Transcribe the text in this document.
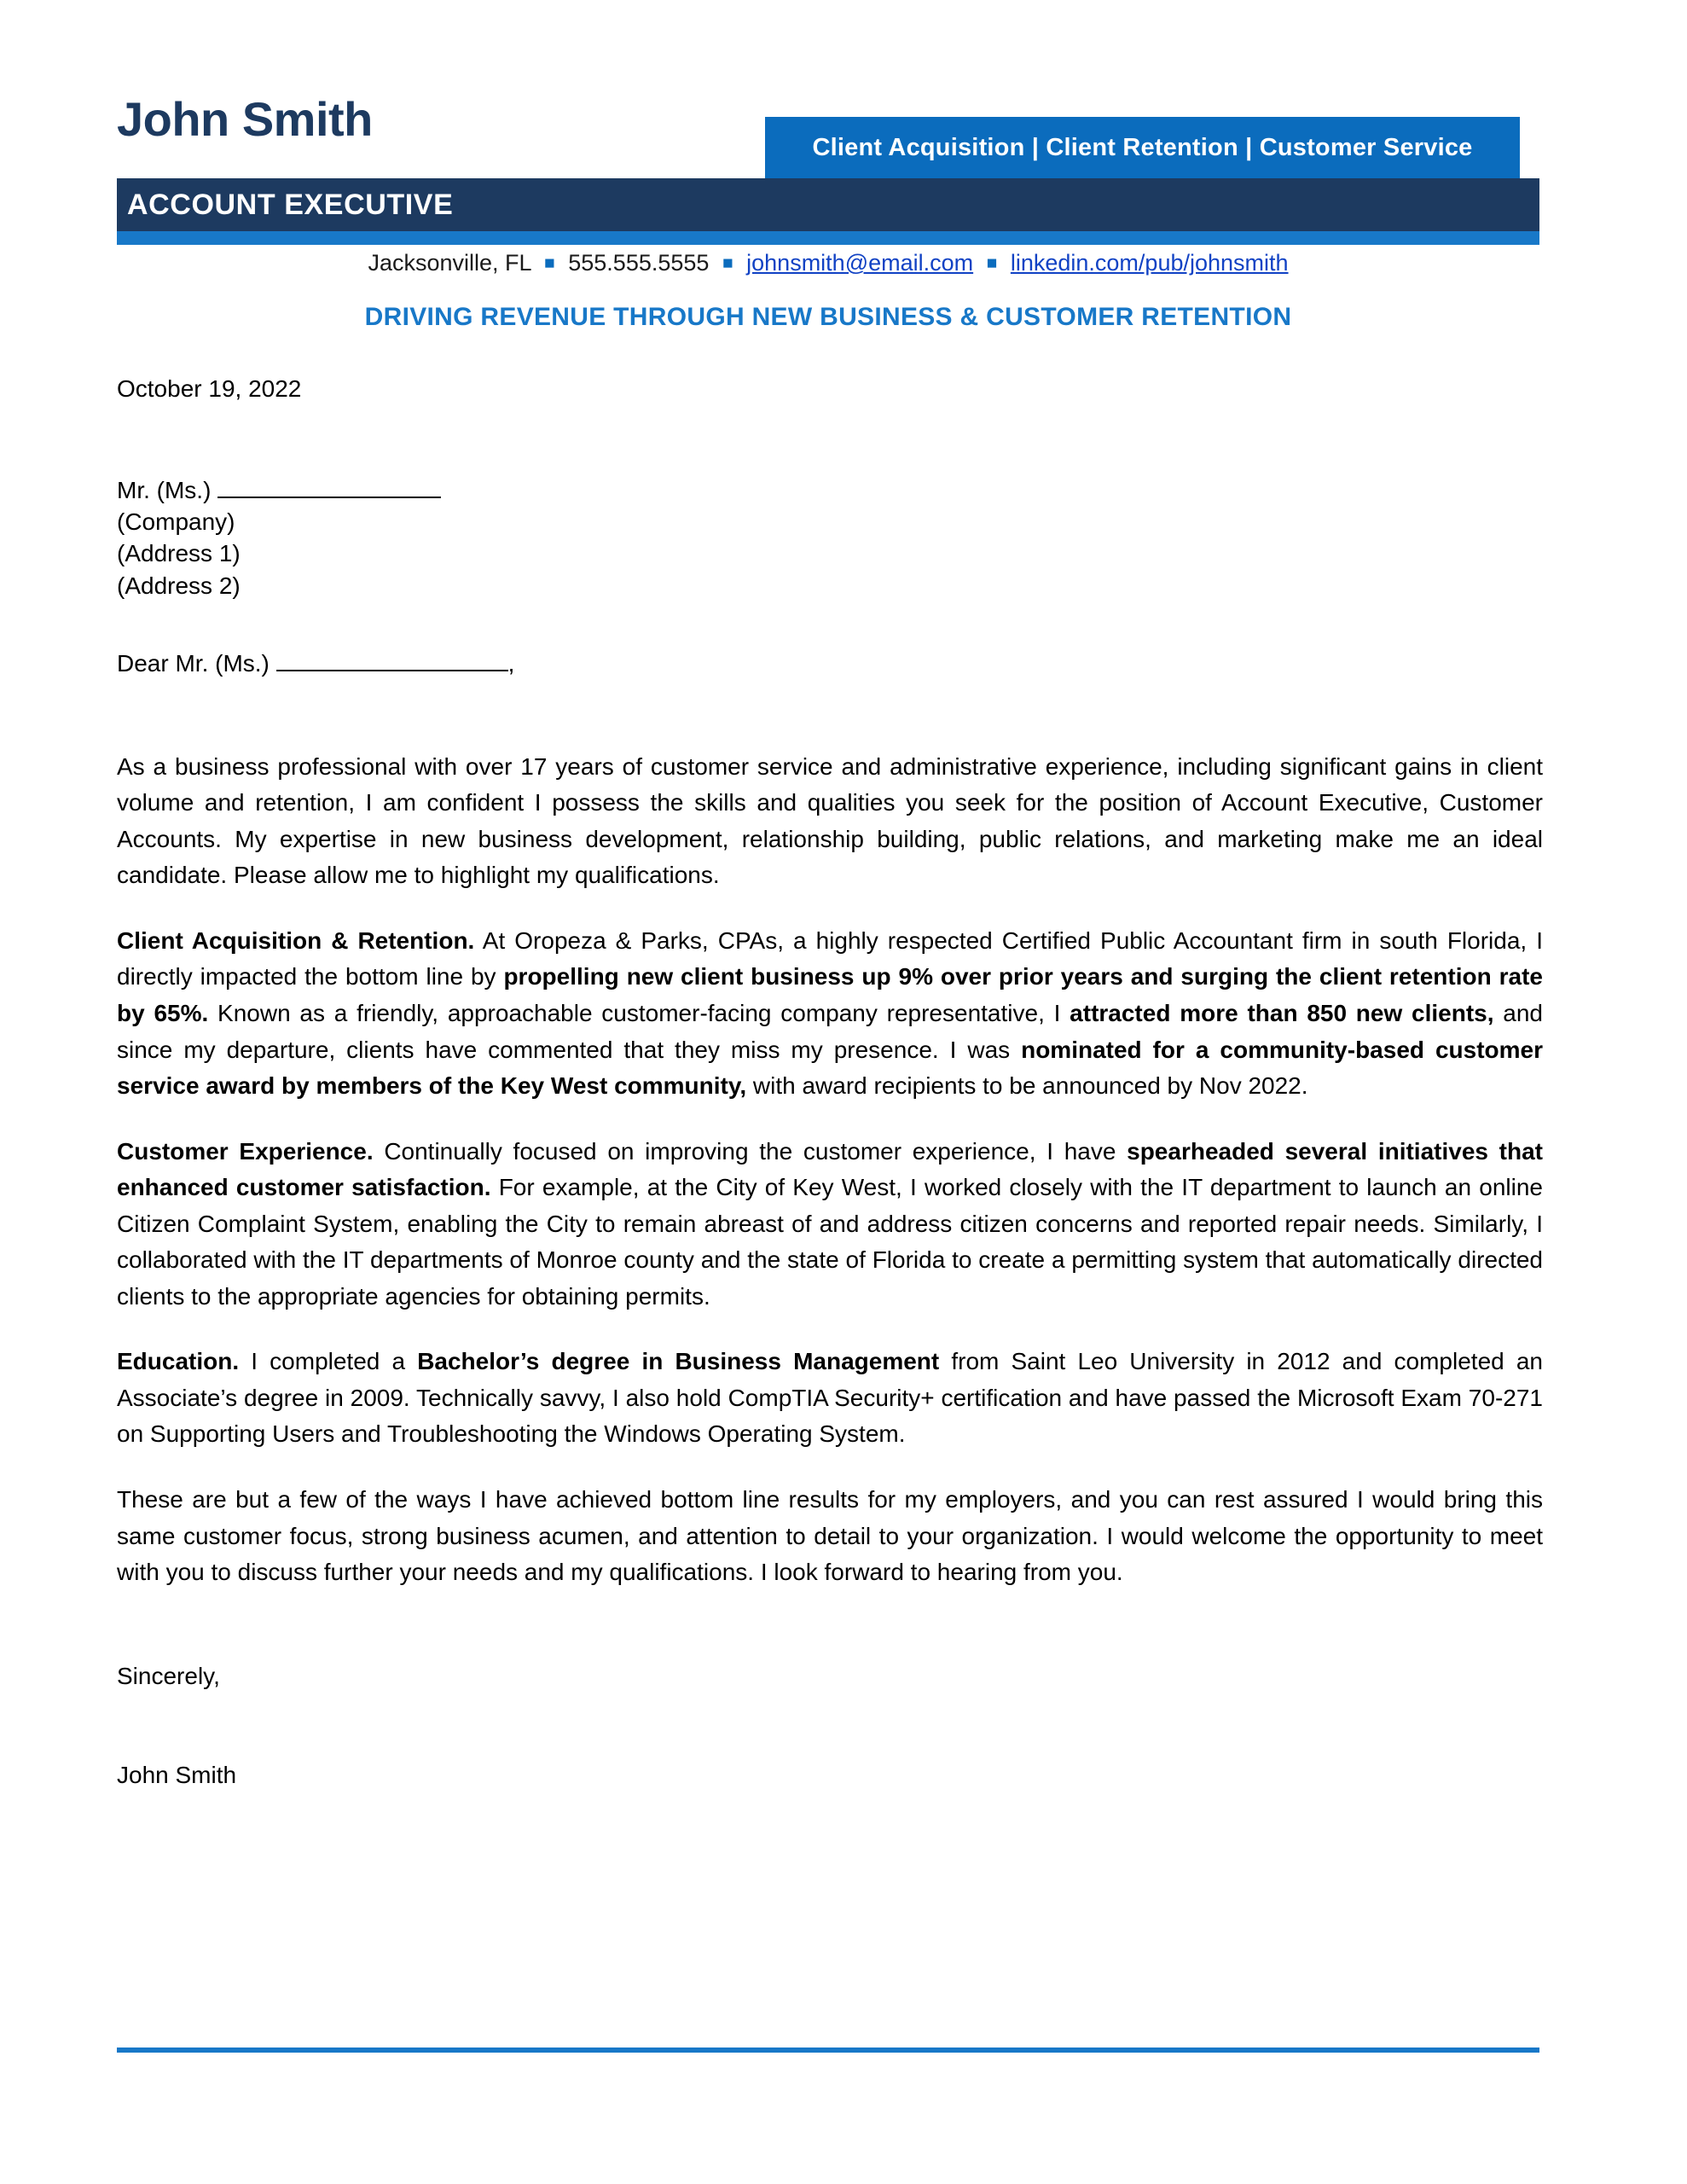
John Smith
Client Acquisition | Client Retention | Customer Service
ACCOUNT EXECUTIVE
Jacksonville, FL ■ 555.555.5555 ■ johnsmith@email.com ■ linkedin.com/pub/johnsmith
DRIVING REVENUE THROUGH NEW BUSINESS & CUSTOMER RETENTION
October 19, 2022
Mr. (Ms.)
(Company)
(Address 1)
(Address 2)
Dear Mr. (Ms.)	,

As a business professional with over 17 years of customer service and administrative experience, including significant gains in client volume and retention, I am confident I possess the skills and qualities you seek for the position of Account Executive, Customer Accounts. My expertise in new business development, relationship building, public relations, and marketing make me an ideal candidate. Please allow me to highlight my qualifications.

Client Acquisition & Retention. At Oropeza & Parks, CPAs, a highly respected Certified Public Accountant firm in south Florida, I directly impacted the bottom line by propelling new client business up 9% over prior years and surging the client retention rate by 65%. Known as a friendly, approachable customer-facing company representative, I attracted more than 850 new clients, and since my departure, clients have commented that they miss my presence. I was nominated for a community-based customer service award by members of the Key West community, with award recipients to be announced by Nov 2022.

Customer Experience. Continually focused on improving the customer experience, I have spearheaded several initiatives that enhanced customer satisfaction. For example, at the City of Key West, I worked closely with the IT department to launch an online Citizen Complaint System, enabling the City to remain abreast of and address citizen concerns and reported repair needs. Similarly, I collaborated with the IT departments of Monroe county and the state of Florida to create a permitting system that automatically directed clients to the appropriate agencies for obtaining permits.

Education. I completed a Bachelor’s degree in Business Management from Saint Leo University in 2012 and completed an Associate’s degree in 2009. Technically savvy, I also hold CompTIA Security+ certification and have passed the Microsoft Exam 70-271 on Supporting Users and Troubleshooting the Windows Operating System.

These are but a few of the ways I have achieved bottom line results for my employers, and you can rest assured I would bring this same customer focus, strong business acumen, and attention to detail to your organization. I would welcome the opportunity to meet with you to discuss further your needs and my qualifications. I look forward to hearing from you.

Sincerely,
John Smith
